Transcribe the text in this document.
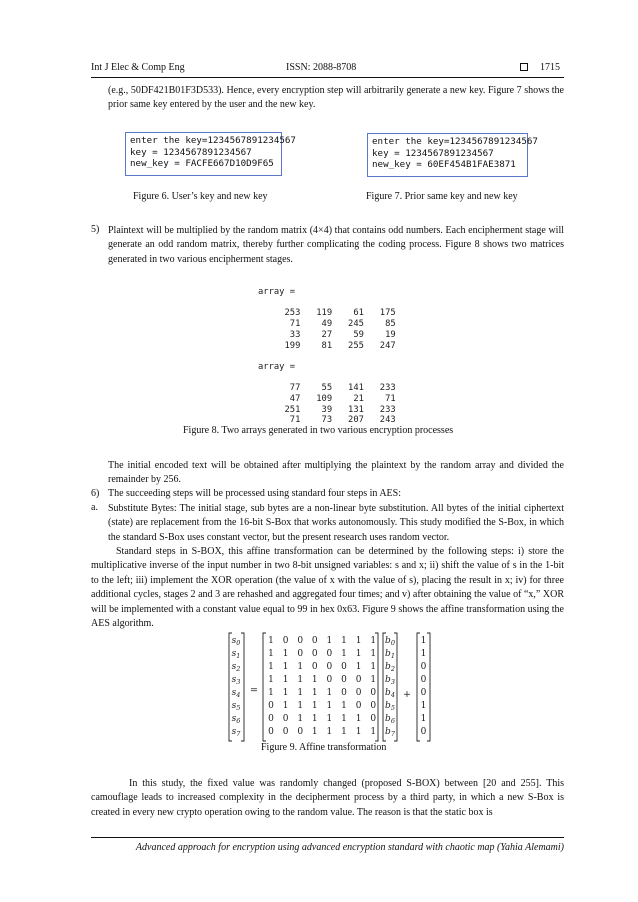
Int J Elec & Comp Eng	ISSN: 2088-8708	1715

(e.g., 50DF421B01F3D533). Hence, every encryption step will arbitrarily generate a new key. Figure 7 shows the prior same key entered by the user and the new key.

enter the key=1234567891234567
key = 1234567891234567
new_key = FACFE667D10D9F65
Figure 6. User’s key and new key
enter the key=1234567891234567
key = 1234567891234567
new_key = 60EF454B1FAE3871
Figure 7. Prior same key and new key
5) Plaintext will be multiplied by the random matrix (4×4) that contains odd numbers. Each encipherment stage will generate an odd random matrix, thereby further complicating the coding process. Figure 8 shows two matrices generated in two various encipherment stages.

array =

253   119    61   175
71    49   245    85
33    27    59    19
199    81   255   247

array =

77    55   141   233
47   109    21    71
251    39   131   233
71    73   207   243
Figure 8. Two arrays generated in two various encryption processes

The initial encoded text will be obtained after multiplying the plaintext by the random array and divided the remainder by 256.

6) The succeeding steps will be processed using standard four steps in AES:
a. Substitute Bytes: The initial stage, sub bytes are a non-linear byte substitution. All bytes of the initial ciphertext (state) are replacement from the 16-bit S-Box that works autonomously. This study modified the S-Box, in which the standard S-Box uses constant vector, but the present research uses random vector.

Standard steps in S-BOX, this affine transformation can be determined by the following steps: i) store the multiplicative inverse of the input number in two 8-bit unsigned variables: s and x; ii) shift the value of s in the 1-bit to the left; iii) implement the XOR operation (the value of x with the value of s), placing the result in x; iv) for three additional cycles, stages 2 and 3 are rehashed and aggregated four times; and v) after obtaining the value of “x,” XOR will be implemented with a constant value equal to 99 in hex 0x63. Figure 9 shows the affine transformation using the AES algorithm.

$s_0$
$s_1$
$s_2$
$s_3$
$s_4$
$s_5$
$s_6$
$s_7$
=
1 0 0 0 1 1 1 1
1 1 0 0 0 1 1 1
1 1 1 0 0 0 1 1
1 1 1 1 0 0 0 1
1 1 1 1 1 0 0 0
0 1 1 1 1 1 0 0
0 0 1 1 1 1 1 0
0 0 0 1 1 1 1 1
$b_0$
$b_1$
$b_2$
$b_3$
$b_4$
$b_5$
$b_6$
$b_7$
+
1
1
0
0
0
1
1
0
Figure 9. Affine transformation

In this study, the fixed value was randomly changed (proposed S-BOX) between [20 and 255]. This camouflage leads to increased complexity in the decipherment process by a third party, in which a new S-Box is created in every new crypto operation owing to the random value. The reason is that the static box is

Advanced approach for encryption using advanced encryption standard with chaotic map (Yahia Alemami)
